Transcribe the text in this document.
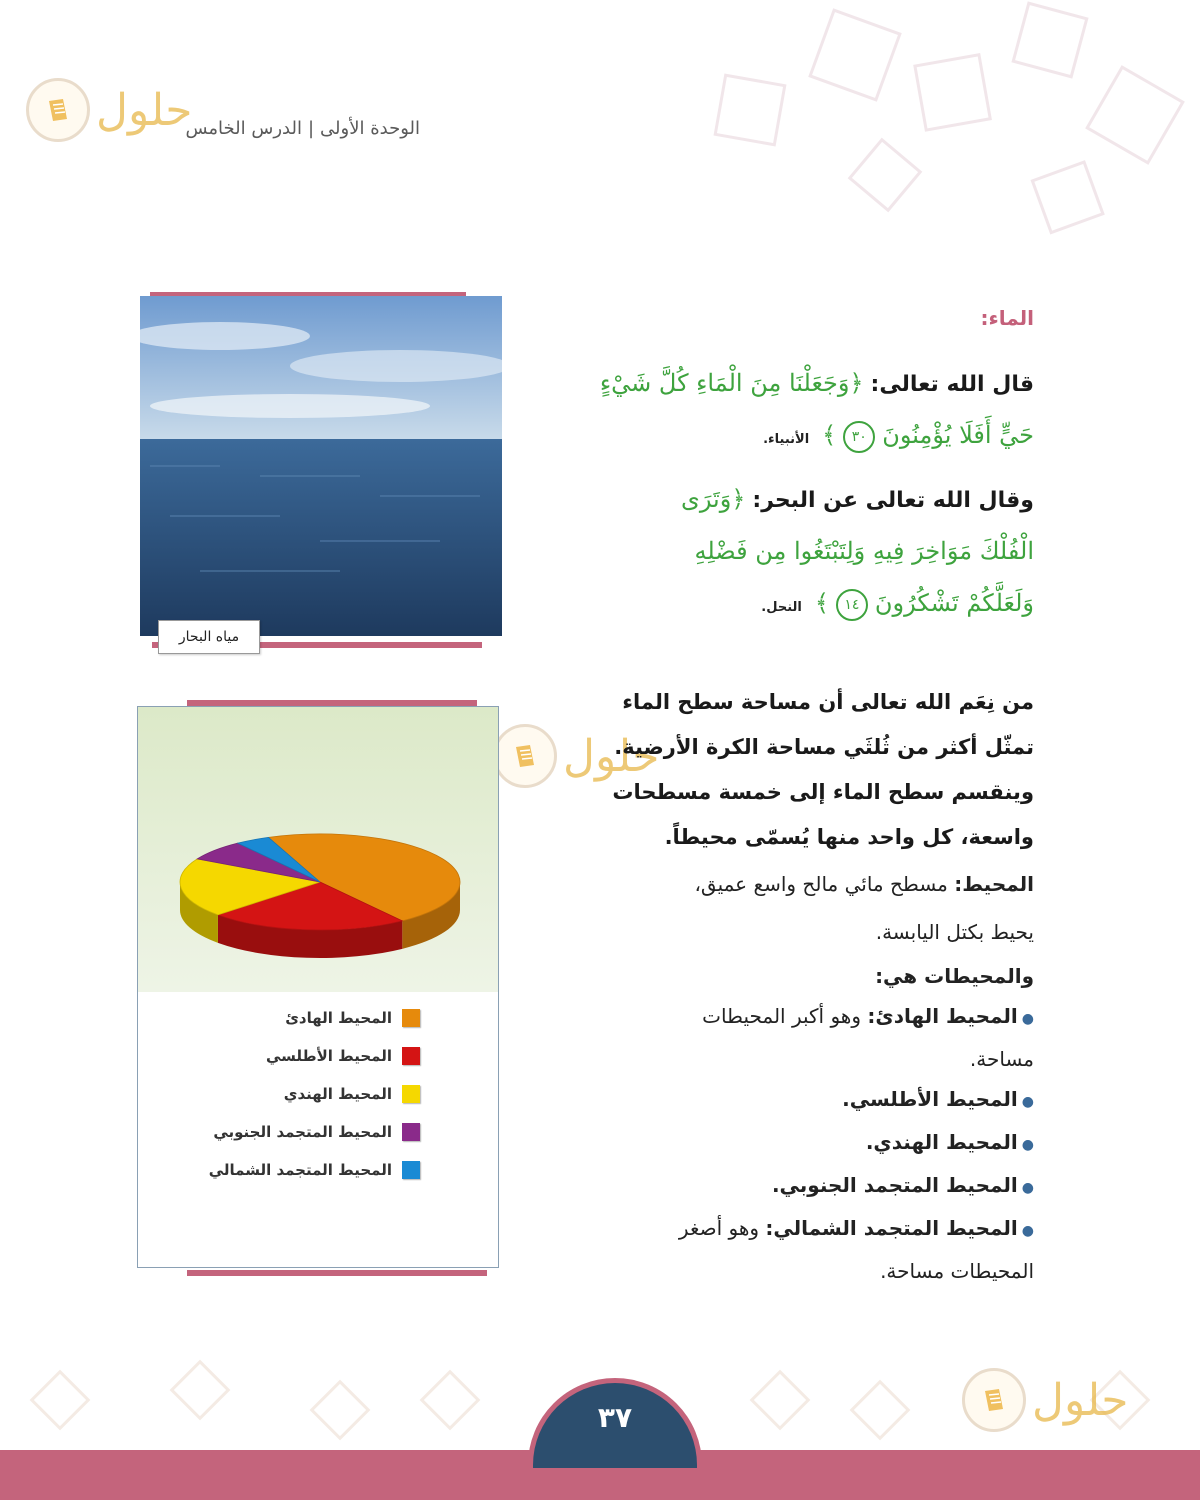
حلول
حلول
حلول
الوحدة الأولى|الدرس الخامس
مياه البحار
الماء:
قال الله تعالى: ﴿وَجَعَلْنَا مِنَ الْمَاءِ كُلَّ شَيْءٍ
حَيٍّ أَفَلَا يُؤْمِنُونَ ٣٠ ﴾ الأنبياء.
وقال الله تعالى عن البحر: ﴿وَتَرَى
الْفُلْكَ مَوَاخِرَ فِيهِ وَلِتَبْتَغُوا مِن فَضْلِهِ
وَلَعَلَّكُمْ تَشْكُرُونَ ١٤ ﴾ النحل.

من نِعَم الله تعالى أن مساحة سطح الماء

تمثّل أكثر من ثُلثَي مساحة الكرة الأرضية.

وينقسم سطح الماء إلى خمسة مسطحات

واسعة، كل واحد منها يُسمّى محيطاً.

المحيط: مسطح مائي مالح واسع عميق،

يحيط بكتل اليابسة.

والمحيطات هي:

●المحيط الهادئ: وهو أكبر المحيطات
مساحة.
●المحيط الأطلسي.
●المحيط الهندي.
●المحيط المتجمد الجنوبي.
●المحيط المتجمد الشمالي: وهو أصغر
المحيطات مساحة.
المحيط الهادئ
المحيط الأطلسي
المحيط الهندي
المحيط المتجمد الجنوبي
المحيط المتجمد الشمالي
٣٧
